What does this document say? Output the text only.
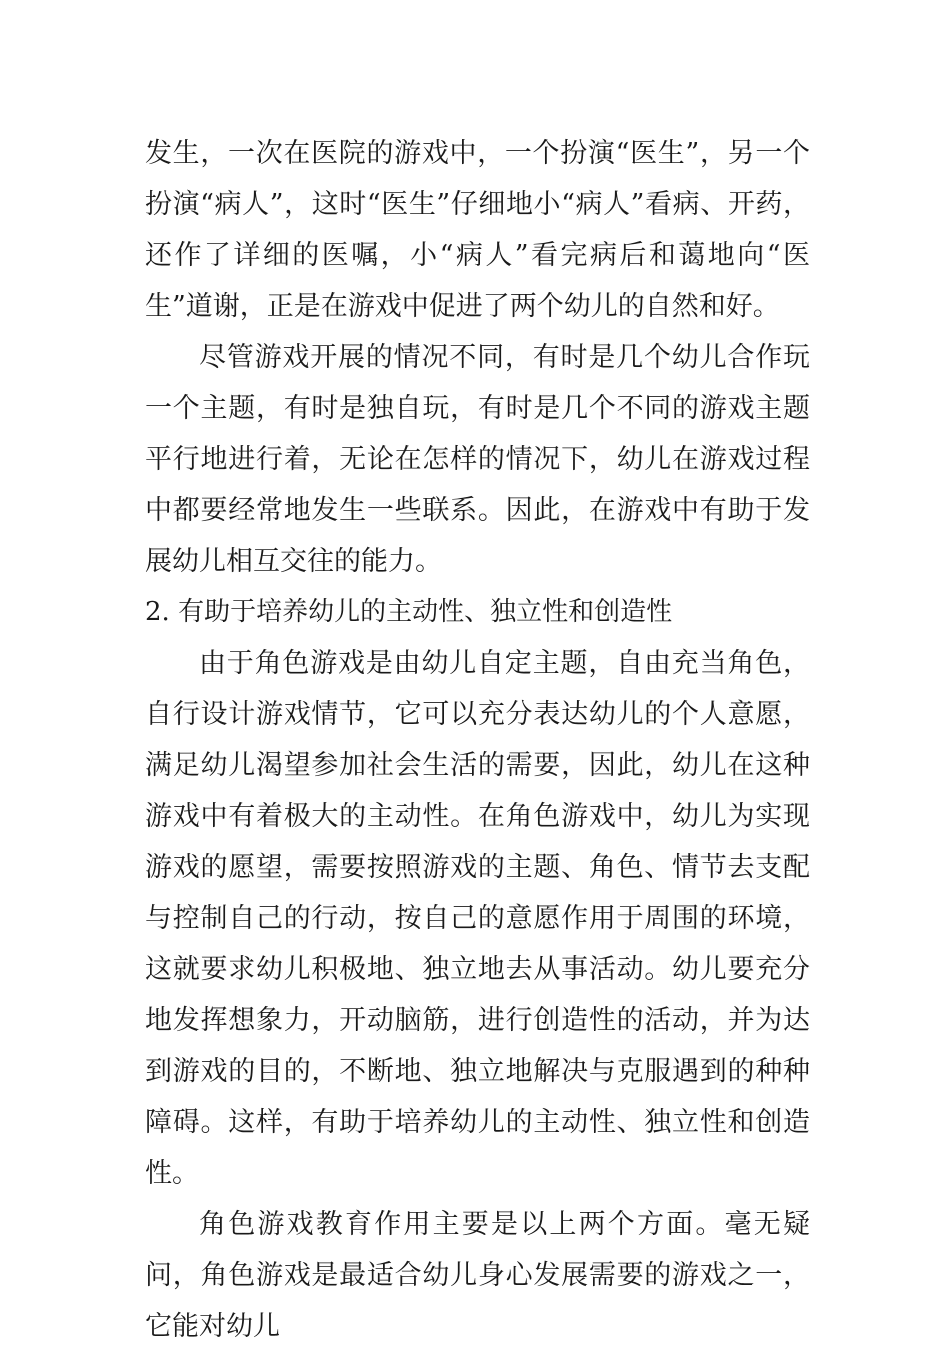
发生，一次在医院的游戏中，一个扮演“医生”，另一个扮演“病人”，这时“医生”仔细地小“病人”看病、开药，还作了详细的医嘱，小“病人”看完病后和蔼地向“医生”道谢，正是在游戏中促进了两个幼儿的自然和好。

尽管游戏开展的情况不同，有时是几个幼儿合作玩一个主题，有时是独自玩，有时是几个不同的游戏主题平行地进行着，无论在怎样的情况下，幼儿在游戏过程中都要经常地发生一些联系。因此，在游戏中有助于发展幼儿相互交往的能力。

2. 有助于培养幼儿的主动性、独立性和创造性

由于角色游戏是由幼儿自定主题，自由充当角色，自行设计游戏情节，它可以充分表达幼儿的个人意愿，满足幼儿渴望参加社会生活的需要，因此，幼儿在这种游戏中有着极大的主动性。在角色游戏中，幼儿为实现游戏的愿望，需要按照游戏的主题、角色、情节去支配与控制自己的行动，按自己的意愿作用于周围的环境，这就要求幼儿积极地、独立地去从事活动。幼儿要充分地发挥想象力，开动脑筋，进行创造性的活动，并为达到游戏的目的，不断地、独立地解决与克服遇到的种种障碍。这样，有助于培养幼儿的主动性、独立性和创造性。

角色游戏教育作用主要是以上两个方面。毫无疑问，角色游戏是最适合幼儿身心发展需要的游戏之一，它能对幼儿
